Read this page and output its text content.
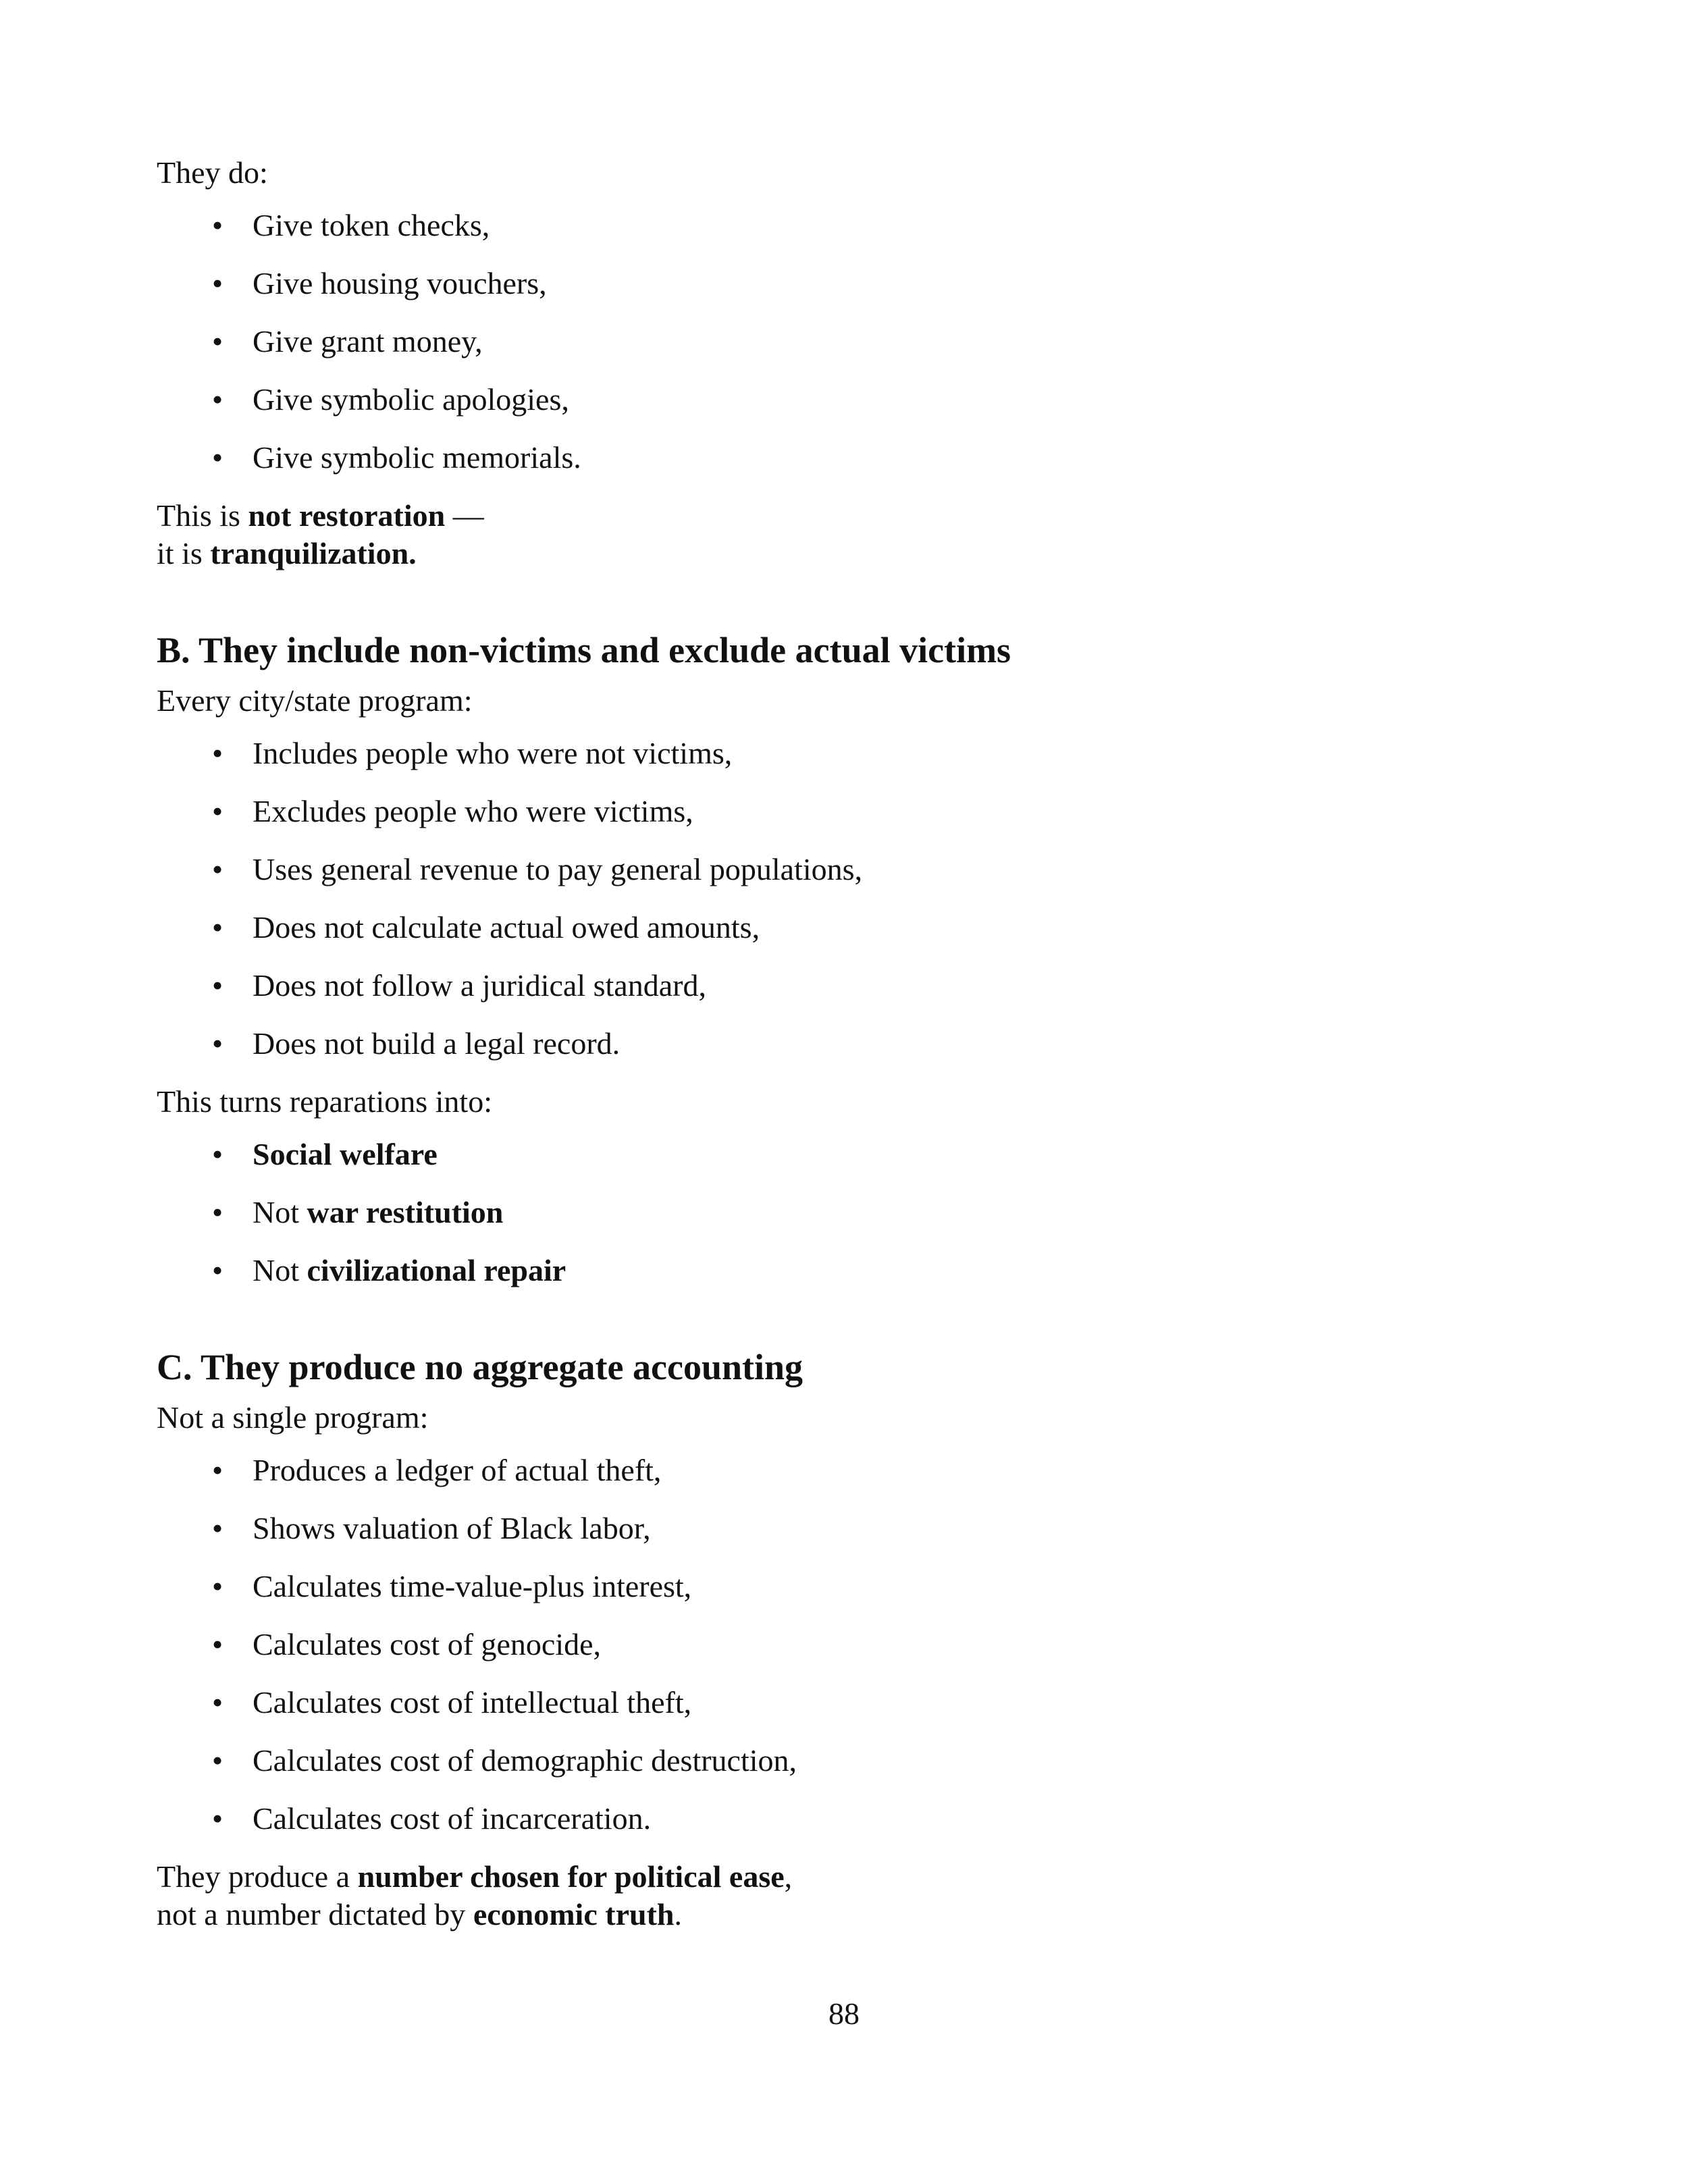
They do:

• Give token checks,
• Give housing vouchers,
• Give grant money,
• Give symbolic apologies,
• Give symbolic memorials.

This is not restoration —
it is tranquilization.

B. They include non-victims and exclude actual victims

Every city/state program:

• Includes people who were not victims,
• Excludes people who were victims,
• Uses general revenue to pay general populations,
• Does not calculate actual owed amounts,
• Does not follow a juridical standard,
• Does not build a legal record.

This turns reparations into:

• Social welfare
• Not war restitution
• Not civilizational repair
C. They produce no aggregate accounting

Not a single program:

• Produces a ledger of actual theft,
• Shows valuation of Black labor,
• Calculates time-value-plus interest,
• Calculates cost of genocide,
• Calculates cost of intellectual theft,
• Calculates cost of demographic destruction,
• Calculates cost of incarceration.

They produce a number chosen for political ease,
not a number dictated by economic truth.

88
